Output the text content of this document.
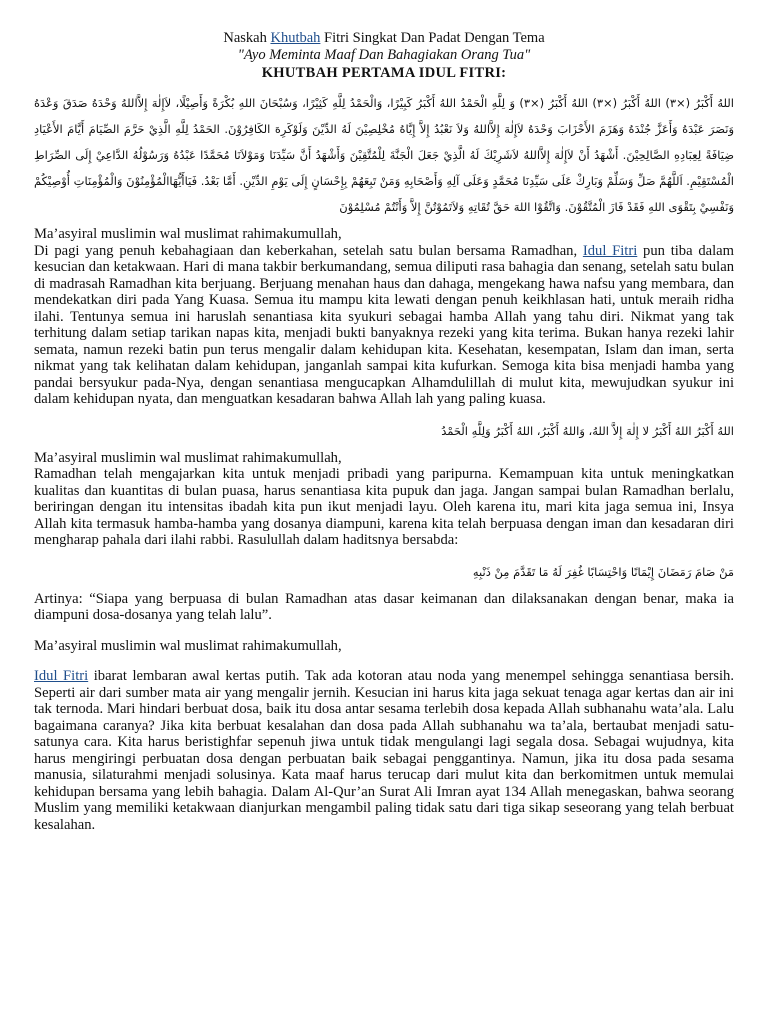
Naskah Khutbah Fitri Singkat Dan Padat Dengan Tema

"Ayo Meminta Maaf Dan Bahagiakan Orang Tua"

KHUTBAH PERTAMA IDUL FITRI:

اللهُ أَكْبَرُ (×٣) اللهُ أَكْبَرُ (×٣) اللهُ أَكْبَرُ (×٣) وَ لِلَّهِ الْحَمْدُ اللهُ أَكْبَرُ كَبِيْرًا، وَالْحَمْدُ لِلَّهِ كَثِيْرًا، وَسُبْحَانَ اللهِ بُكْرَةً وَأَصِيْلًا، لاَإِلٰهَ إِلاَّاللهُ وَحْدَهُ صَدَقَ وَعْدَهُ وَنَصَرَ عَبْدَهُ وَأَعَزَّ جُنْدَهُ وَهَزَمَ الأَحْزَابَ وَحْدَهُ لاَإِلٰهَ إِلاَّاللهُ وَلاَ نَعْبُدُ إِلاَّ إِيَّاهُ مُخْلِصِيْنَ لَهُ الدِّيْنَ وَلَوْكَرِهَ الكَافِرُوْنَ. الحَمْدُ لِلَّهِ الَّذِيْ حَرَّمَ الصِّيَامَ أَيَّامَ الأَعْيَادِ ضِيَافَةً لِعِبَادِهِ الصَّالِحِيْنَ. أَشْهَدُ أَنْ لاَإِلٰهَ إِلاَّاللهُ لاَشَرِيْكَ لَهُ الَّذِيْ جَعَلَ الْجَنَّةَ لِلْمُتَّقِيْنَ وَأَشْهَدُ أَنَّ سَيِّدَنَا وَمَوْلاَنَا مُحَمَّدًا عَبْدُهُ وَرَسُوْلُهُ الدَّاعِيْ إِلَى الصِّرَاطِ الْمُسْتَقِيْمِ. اَللَّهُمَّ صَلِّ وَسَلِّمْ وَبَارِكْ عَلَى سَيِّدِنَا مُحَمَّدٍ وَعَلَى آلِهِ وَأَصْحَابِهِ وَمَنْ تَبِعَهُمْ بِإِحْسَانٍ إِلَى يَوْمِ الدِّيْنِ. أَمَّا بَعْدُ. فَيَاأَيُّهَاالْمُؤْمِنُوْنَ وَالْمُؤْمِنَاتِ أُوْصِيْكُمْ وَنَفْسِيْ بِتَقْوَى اللهِ فَقَدْ فَازَ الْمُتَّقُوْنَ. وَاتَّقُوْا اللهَ حَقَّ تُقَاتِهِ وَلاَتَمُوْتُنَّ إِلاَّ وَأَنْتُمْ مُسْلِمُوْنَ

Ma’asyiral muslimin wal muslimat rahimakumullah,

Di pagi yang penuh kebahagiaan dan keberkahan, setelah satu bulan bersama Ramadhan, Idul Fitri pun tiba dalam kesucian dan ketakwaan. Hari di mana takbir berkumandang, semua diliputi rasa bahagia dan senang, setelah satu bulan di madrasah Ramadhan kita berjuang. Berjuang menahan haus dan dahaga, mengekang hawa nafsu yang membara, dan mendekatkan diri pada Yang Kuasa. Semua itu mampu kita lewati dengan penuh keikhlasan hati, untuk meraih ridha ilahi. Tentunya semua ini haruslah senantiasa kita syukuri sebagai hamba Allah yang tahu diri. Nikmat yang tak terhitung dalam setiap tarikan napas kita, menjadi bukti banyaknya rezeki yang kita terima. Bukan hanya rezeki lahir semata, namun rezeki batin pun terus mengalir dalam kehidupan kita. Kesehatan, kesempatan, Islam dan iman, serta nikmat yang tak kelihatan dalam kehidupan, janganlah sampai kita kufurkan. Semoga kita bisa menjadi hamba yang pandai bersyukur pada-Nya, dengan senantiasa mengucapkan Alhamdulillah di mulut kita, mewujudkan syukur ini dalam kehidupan nyata, dan menguatkan kesadaran bahwa Allah lah yang paling kuasa.

اللهُ أَكْبَرُ اللهُ أَكْبَرُ لا إِلٰهَ إِلاَّ اللهُ، وَاللهُ أَكْبَرُ، اللهُ أَكْبَرُ وَلِلَّهِ الْحَمْدُ

Ma’asyiral muslimin wal muslimat rahimakumullah,

Ramadhan telah mengajarkan kita untuk menjadi pribadi yang paripurna. Kemampuan kita untuk meningkatkan kualitas dan kuantitas di bulan puasa, harus senantiasa kita pupuk dan jaga. Jangan sampai bulan Ramadhan berlalu, beriringan dengan itu intensitas ibadah kita pun ikut menjadi layu. Oleh karena itu, mari kita jaga semua ini, Insya Allah kita termasuk hamba-hamba yang dosanya diampuni, karena kita telah berpuasa dengan iman dan kesadaran diri mengharap pahala dari ilahi rabbi. Rasulullah dalam haditsnya bersabda:

مَنْ صَامَ رَمَضَانَ إِيْمَانًا وَاحْتِسَابًا غُفِرَ لَهُ مَا تَقَدَّمَ مِنْ ذَنْبِهِ

Artinya: “Siapa yang berpuasa di bulan Ramadhan atas dasar keimanan dan dilaksanakan dengan benar, maka ia diampuni dosa-dosanya yang telah lalu”.

Ma’asyiral muslimin wal muslimat rahimakumullah,

Idul Fitri ibarat lembaran awal kertas putih. Tak ada kotoran atau noda yang menempel sehingga senantiasa bersih. Seperti air dari sumber mata air yang mengalir jernih. Kesucian ini harus kita jaga sekuat tenaga agar kertas dan air ini tak ternoda. Mari hindari berbuat dosa, baik itu dosa antar sesama terlebih dosa kepada Allah subhanahu wata’ala. Lalu bagaimana caranya? Jika kita berbuat kesalahan dan dosa pada Allah subhanahu wa ta’ala, bertaubat menjadi satu-satunya cara. Kita harus beristighfar sepenuh jiwa untuk tidak mengulangi lagi segala dosa. Sebagai wujudnya, kita harus mengiringi perbuatan dosa dengan perbuatan baik sebagai penggantinya. Namun, jika itu dosa pada sesama manusia, silaturahmi menjadi solusinya. Kata maaf harus terucap dari mulut kita dan berkomitmen untuk memulai kehidupan bersama yang lebih bahagia. Dalam Al-Qur’an Surat Ali Imran ayat 134 Allah menegaskan, bahwa seorang Muslim yang memiliki ketakwaan dianjurkan mengambil paling tidak satu dari tiga sikap seseorang yang telah berbuat kesalahan.
